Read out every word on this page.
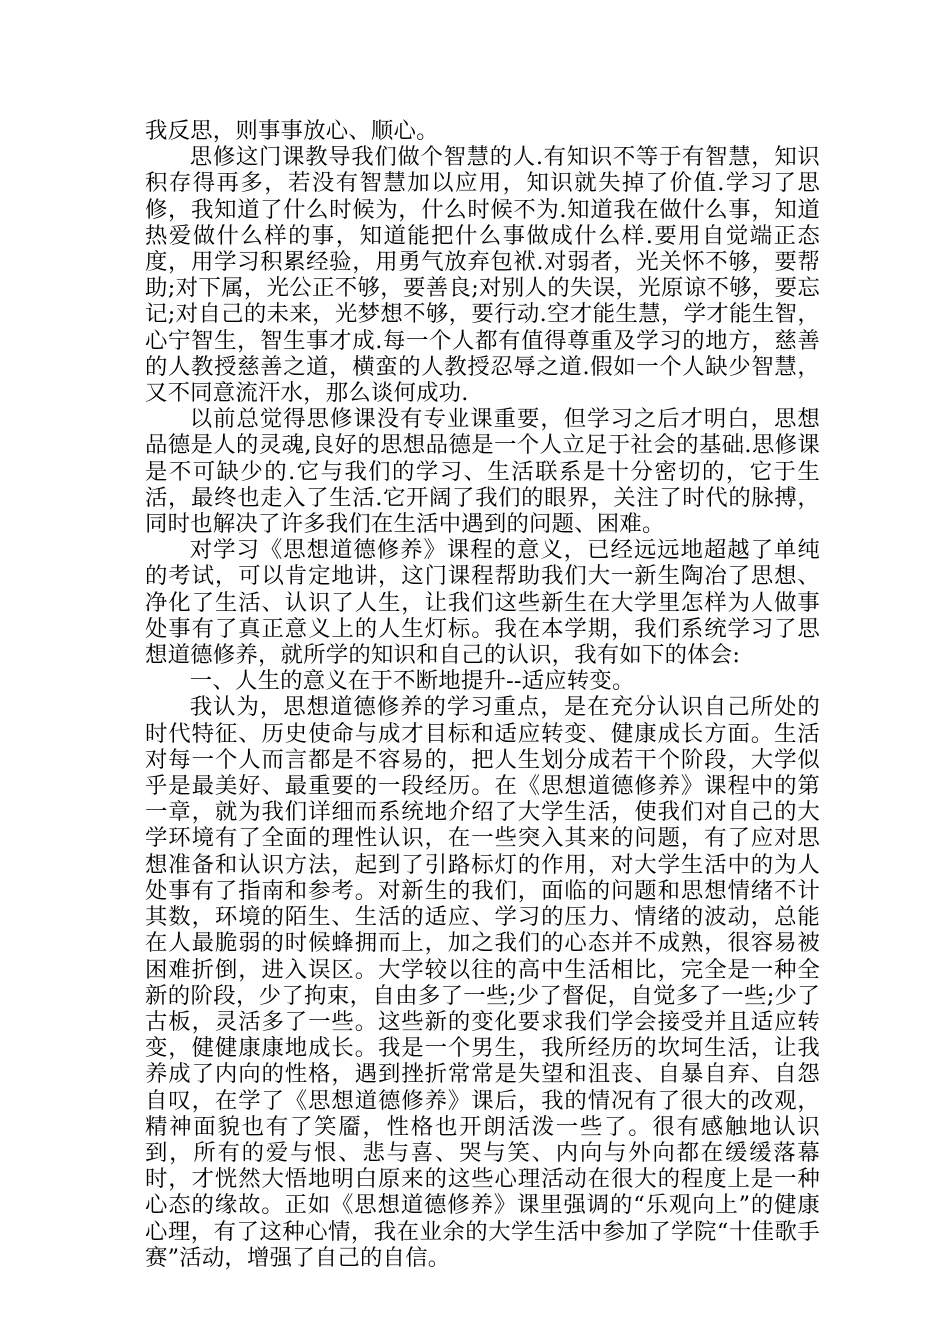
我反思，则事事放心、顺心。

思修这门课教导我们做个智慧的人.有知识不等于有智慧，知识积存得再多，若没有智慧加以应用，知识就失掉了价值.学习了思修，我知道了什么时候为，什么时候不为.知道我在做什么事，知道热爱做什么样的事，知道能把什么事做成什么样.要用自觉端正态度，用学习积累经验，用勇气放弃包袱.对弱者，光关怀不够，要帮助;对下属，光公正不够，要善良;对别人的失误，光原谅不够，要忘记;对自己的未来，光梦想不够，要行动.空才能生慧，学才能生智，心宁智生，智生事才成.每一个人都有值得尊重及学习的地方，慈善的人教授慈善之道，横蛮的人教授忍辱之道.假如一个人缺少智慧，又不同意流汗水，那么谈何成功.

以前总觉得思修课没有专业课重要，但学习之后才明白，思想品德是人的灵魂,良好的思想品德是一个人立足于社会的基础.思修课是不可缺少的.它与我们的学习、生活联系是十分密切的，它于生活，最终也走入了生活.它开阔了我们的眼界，关注了时代的脉搏，同时也解决了许多我们在生活中遇到的问题、困难。

对学习《思想道德修养》课程的意义，已经远远地超越了单纯的考试，可以肯定地讲，这门课程帮助我们大一新生陶冶了思想、净化了生活、认识了人生，让我们这些新生在大学里怎样为人做事处事有了真正意义上的人生灯标。我在本学期，我们系统学习了思想道德修养，就所学的知识和自己的认识，我有如下的体会:

一、人生的意义在于不断地提升--适应转变。

我认为，思想道德修养的学习重点，是在充分认识自己所处的时代特征、历史使命与成才目标和适应转变、健康成长方面。生活对每一个人而言都是不容易的，把人生划分成若干个阶段，大学似乎是最美好、最重要的一段经历。在《思想道德修养》课程中的第一章，就为我们详细而系统地介绍了大学生活，使我们对自己的大学环境有了全面的理性认识，在一些突入其来的问题，有了应对思想准备和认识方法，起到了引路标灯的作用，对大学生活中的为人处事有了指南和参考。对新生的我们，面临的问题和思想情绪不计其数，环境的陌生、生活的适应、学习的压力、情绪的波动，总能在人最脆弱的时候蜂拥而上，加之我们的心态并不成熟，很容易被困难折倒，进入误区。大学较以往的高中生活相比，完全是一种全新的阶段，少了拘束，自由多了一些;少了督促，自觉多了一些;少了古板，灵活多了一些。这些新的变化要求我们学会接受并且适应转变，健健康康地成长。我是一个男生，我所经历的坎坷生活，让我养成了内向的性格，遇到挫折常常是失望和沮丧、自暴自弃、自怨自叹，在学了《思想道德修养》课后，我的情况有了很大的改观，精神面貌也有了笑靥，性格也开朗活泼一些了。很有感触地认识到，所有的爱与恨、悲与喜、哭与笑、内向与外向都在缓缓落幕时，才恍然大悟地明白原来的这些心理活动在很大的程度上是一种心态的缘故。正如《思想道德修养》课里强调的“乐观向上”的健康心理，有了这种心情，我在业余的大学生活中参加了学院“十佳歌手赛”活动，增强了自己的自信。
